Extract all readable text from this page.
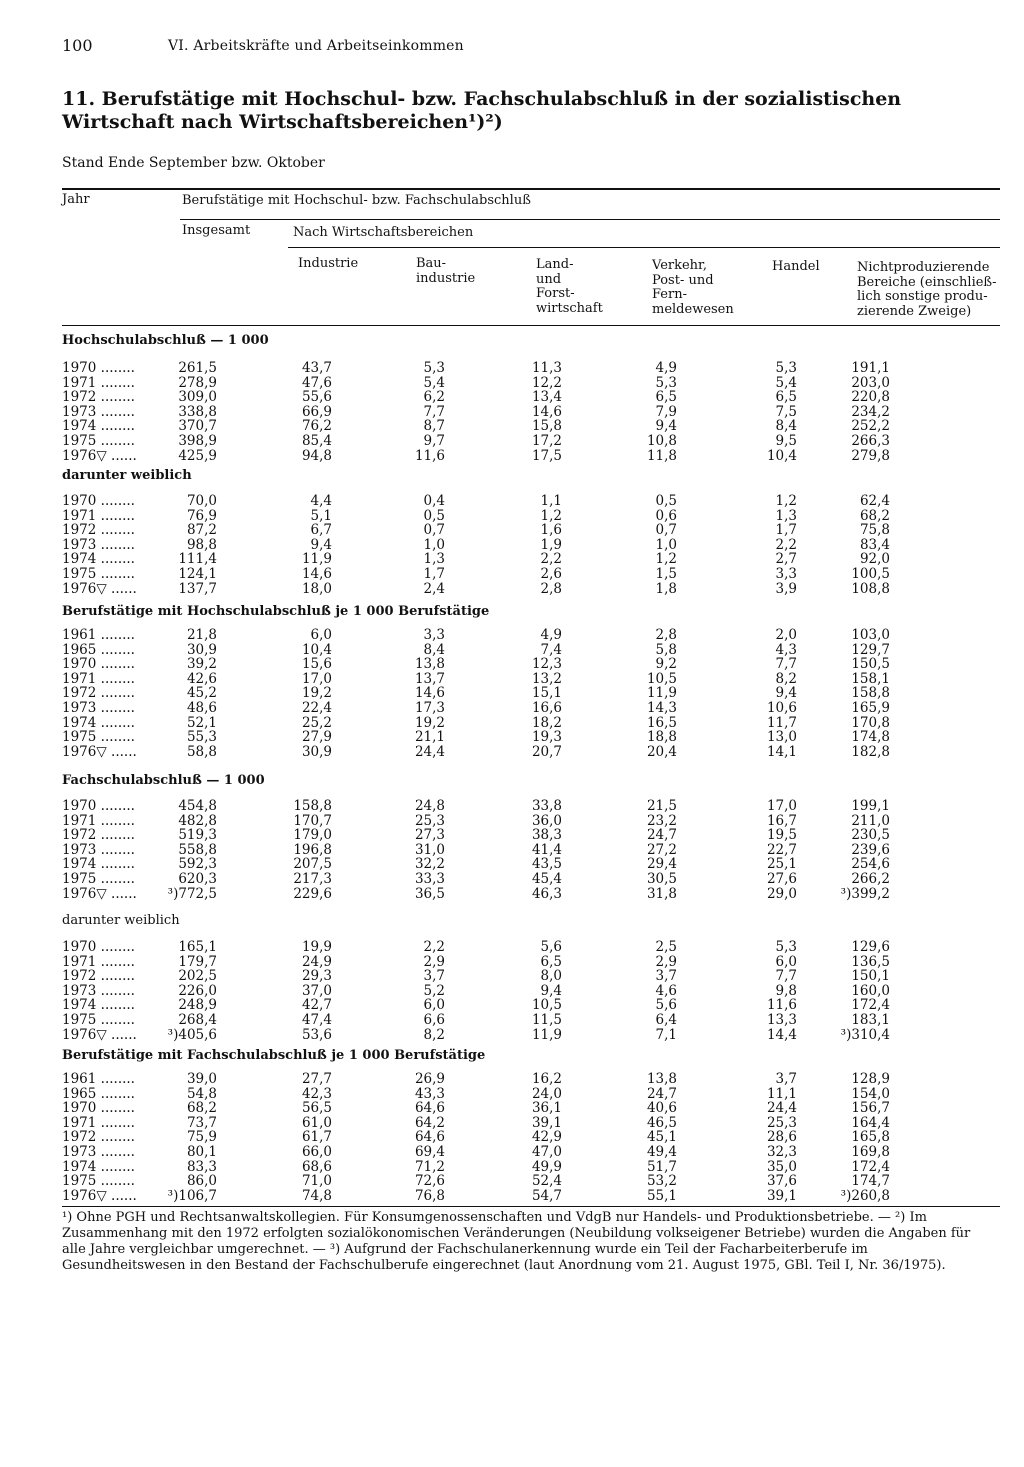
100	VI. Arbeitskräfte und Arbeitseinkommen
11. Berufstätige mit Hochschul- bzw. Fachschulabschluß in der sozialistischen Wirtschaft nach Wirtschaftsbereichen¹)²)
Stand Ende September bzw. Oktober
Jahr	Berufstätige mit Hochschul- bzw. Fachschulabschluß
Insgesamt	Nach Wirtschaftsbereichen
Industrie	Bau-
industrie
Land-
und
Forst-
wirtschaft
Verkehr,
Post- und
Fern-
meldewesen
Handel	Nichtproduzierende
Bereiche (einschließ-
lich sonstige produ-
zierende Zweige)
Hochschulabschluß — 1 000
1970 ........	261,5	43,7	5,3	11,3	4,9	5,3	191,1
1971 ........	278,9	47,6	5,4	12,2	5,3	5,4	203,0
1972 ........	309,0	55,6	6,2	13,4	6,5	6,5	220,8
1973 ........	338,8	66,9	7,7	14,6	7,9	7,5	234,2
1974 ........	370,7	76,2	8,7	15,8	9,4	8,4	252,2
1975 ........	398,9	85,4	9,7	17,2	10,8	9,5	266,3
1976▽ ......	425,9	94,8	11,6	17,5	11,8	10,4	279,8
darunter weiblich
1970 ........	70,0	4,4	0,4	1,1	0,5	1,2	62,4
1971 ........	76,9	5,1	0,5	1,2	0,6	1,3	68,2
1972 ........	87,2	6,7	0,7	1,6	0,7	1,7	75,8
1973 ........	98,8	9,4	1,0	1,9	1,0	2,2	83,4
1974 ........	111,4	11,9	1,3	2,2	1,2	2,7	92,0
1975 ........	124,1	14,6	1,7	2,6	1,5	3,3	100,5
1976▽ ......	137,7	18,0	2,4	2,8	1,8	3,9	108,8
Berufstätige mit Hochschulabschluß je 1 000 Berufstätige
1961 ........	21,8	6,0	3,3	4,9	2,8	2,0	103,0
1965 ........	30,9	10,4	8,4	7,4	5,8	4,3	129,7
1970 ........	39,2	15,6	13,8	12,3	9,2	7,7	150,5
1971 ........	42,6	17,0	13,7	13,2	10,5	8,2	158,1
1972 ........	45,2	19,2	14,6	15,1	11,9	9,4	158,8
1973 ........	48,6	22,4	17,3	16,6	14,3	10,6	165,9
1974 ........	52,1	25,2	19,2	18,2	16,5	11,7	170,8
1975 ........	55,3	27,9	21,1	19,3	18,8	13,0	174,8
1976▽ ......	58,8	30,9	24,4	20,7	20,4	14,1	182,8
Fachschulabschluß — 1 000
1970 ........	454,8	158,8	24,8	33,8	21,5	17,0	199,1
1971 ........	482,8	170,7	25,3	36,0	23,2	16,7	211,0
1972 ........	519,3	179,0	27,3	38,3	24,7	19,5	230,5
1973 ........	558,8	196,8	31,0	41,4	27,2	22,7	239,6
1974 ........	592,3	207,5	32,2	43,5	29,4	25,1	254,6
1975 ........	620,3	217,3	33,3	45,4	30,5	27,6	266,2
1976▽ ......	³)772,5	229,6	36,5	46,3	31,8	29,0	³)399,2
darunter weiblich
1970 ........	165,1	19,9	2,2	5,6	2,5	5,3	129,6
1971 ........	179,7	24,9	2,9	6,5	2,9	6,0	136,5
1972 ........	202,5	29,3	3,7	8,0	3,7	7,7	150,1
1973 ........	226,0	37,0	5,2	9,4	4,6	9,8	160,0
1974 ........	248,9	42,7	6,0	10,5	5,6	11,6	172,4
1975 ........	268,4	47,4	6,6	11,5	6,4	13,3	183,1
1976▽ ......	³)405,6	53,6	8,2	11,9	7,1	14,4	³)310,4
Berufstätige mit Fachschulabschluß je 1 000 Berufstätige
1961 ........	39,0	27,7	26,9	16,2	13,8	3,7	128,9
1965 ........	54,8	42,3	43,3	24,0	24,7	11,1	154,0
1970 ........	68,2	56,5	64,6	36,1	40,6	24,4	156,7
1971 ........	73,7	61,0	64,2	39,1	46,5	25,3	164,4
1972 ........	75,9	61,7	64,6	42,9	45,1	28,6	165,8
1973 ........	80,1	66,0	69,4	47,0	49,4	32,3	169,8
1974 ........	83,3	68,6	71,2	49,9	51,7	35,0	172,4
1975 ........	86,0	71,0	72,6	52,4	53,2	37,6	174,7
1976▽ ......	³)106,7	74,8	76,8	54,7	55,1	39,1	³)260,8
¹) Ohne PGH und Rechtsanwaltskollegien. Für Konsumgenossenschaften und VdgB nur Handels- und Produktionsbetriebe. — ²) Im Zusammenhang mit den 1972 erfolgten sozialökonomischen Veränderungen (Neubildung volkseigener Betriebe) wurden die Angaben für alle Jahre vergleichbar umgerechnet. — ³) Aufgrund der Fachschulanerkennung wurde ein Teil der Facharbeiterberufe im Gesundheitswesen in den Bestand der Fachschulberufe eingerechnet (laut Anordnung vom 21. August 1975, GBl. Teil I, Nr. 36/1975).
